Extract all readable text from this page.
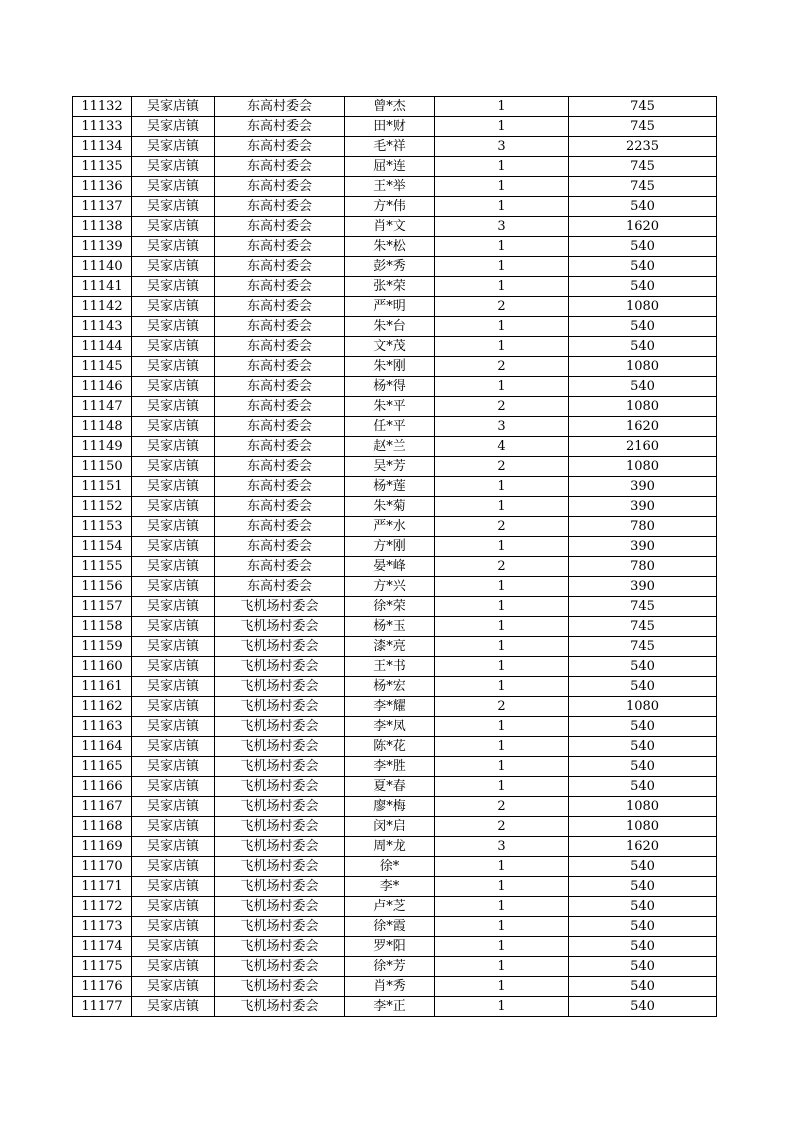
11132	吴家店镇	东高村委会	曾*杰	1	745
11133	吴家店镇	东高村委会	田*财	1	745
11134	吴家店镇	东高村委会	毛*祥	3	2235
11135	吴家店镇	东高村委会	屈*连	1	745
11136	吴家店镇	东高村委会	王*举	1	745
11137	吴家店镇	东高村委会	方*伟	1	540
11138	吴家店镇	东高村委会	肖*文	3	1620
11139	吴家店镇	东高村委会	朱*松	1	540
11140	吴家店镇	东高村委会	彭*秀	1	540
11141	吴家店镇	东高村委会	张*荣	1	540
11142	吴家店镇	东高村委会	严*明	2	1080
11143	吴家店镇	东高村委会	朱*台	1	540
11144	吴家店镇	东高村委会	文*茂	1	540
11145	吴家店镇	东高村委会	朱*刚	2	1080
11146	吴家店镇	东高村委会	杨*得	1	540
11147	吴家店镇	东高村委会	朱*平	2	1080
11148	吴家店镇	东高村委会	任*平	3	1620
11149	吴家店镇	东高村委会	赵*兰	4	2160
11150	吴家店镇	东高村委会	吴*芳	2	1080
11151	吴家店镇	东高村委会	杨*莲	1	390
11152	吴家店镇	东高村委会	朱*菊	1	390
11153	吴家店镇	东高村委会	严*水	2	780
11154	吴家店镇	东高村委会	方*刚	1	390
11155	吴家店镇	东高村委会	晏*峰	2	780
11156	吴家店镇	东高村委会	方*兴	1	390
11157	吴家店镇	飞机场村委会	徐*荣	1	745
11158	吴家店镇	飞机场村委会	杨*玉	1	745
11159	吴家店镇	飞机场村委会	漆*亮	1	745
11160	吴家店镇	飞机场村委会	王*书	1	540
11161	吴家店镇	飞机场村委会	杨*宏	1	540
11162	吴家店镇	飞机场村委会	李*耀	2	1080
11163	吴家店镇	飞机场村委会	李*凤	1	540
11164	吴家店镇	飞机场村委会	陈*花	1	540
11165	吴家店镇	飞机场村委会	李*胜	1	540
11166	吴家店镇	飞机场村委会	夏*春	1	540
11167	吴家店镇	飞机场村委会	廖*梅	2	1080
11168	吴家店镇	飞机场村委会	闵*启	2	1080
11169	吴家店镇	飞机场村委会	周*龙	3	1620
11170	吴家店镇	飞机场村委会	徐*	1	540
11171	吴家店镇	飞机场村委会	李*	1	540
11172	吴家店镇	飞机场村委会	卢*芝	1	540
11173	吴家店镇	飞机场村委会	徐*霞	1	540
11174	吴家店镇	飞机场村委会	罗*阳	1	540
11175	吴家店镇	飞机场村委会	徐*芳	1	540
11176	吴家店镇	飞机场村委会	肖*秀	1	540
11177	吴家店镇	飞机场村委会	李*正	1	540
